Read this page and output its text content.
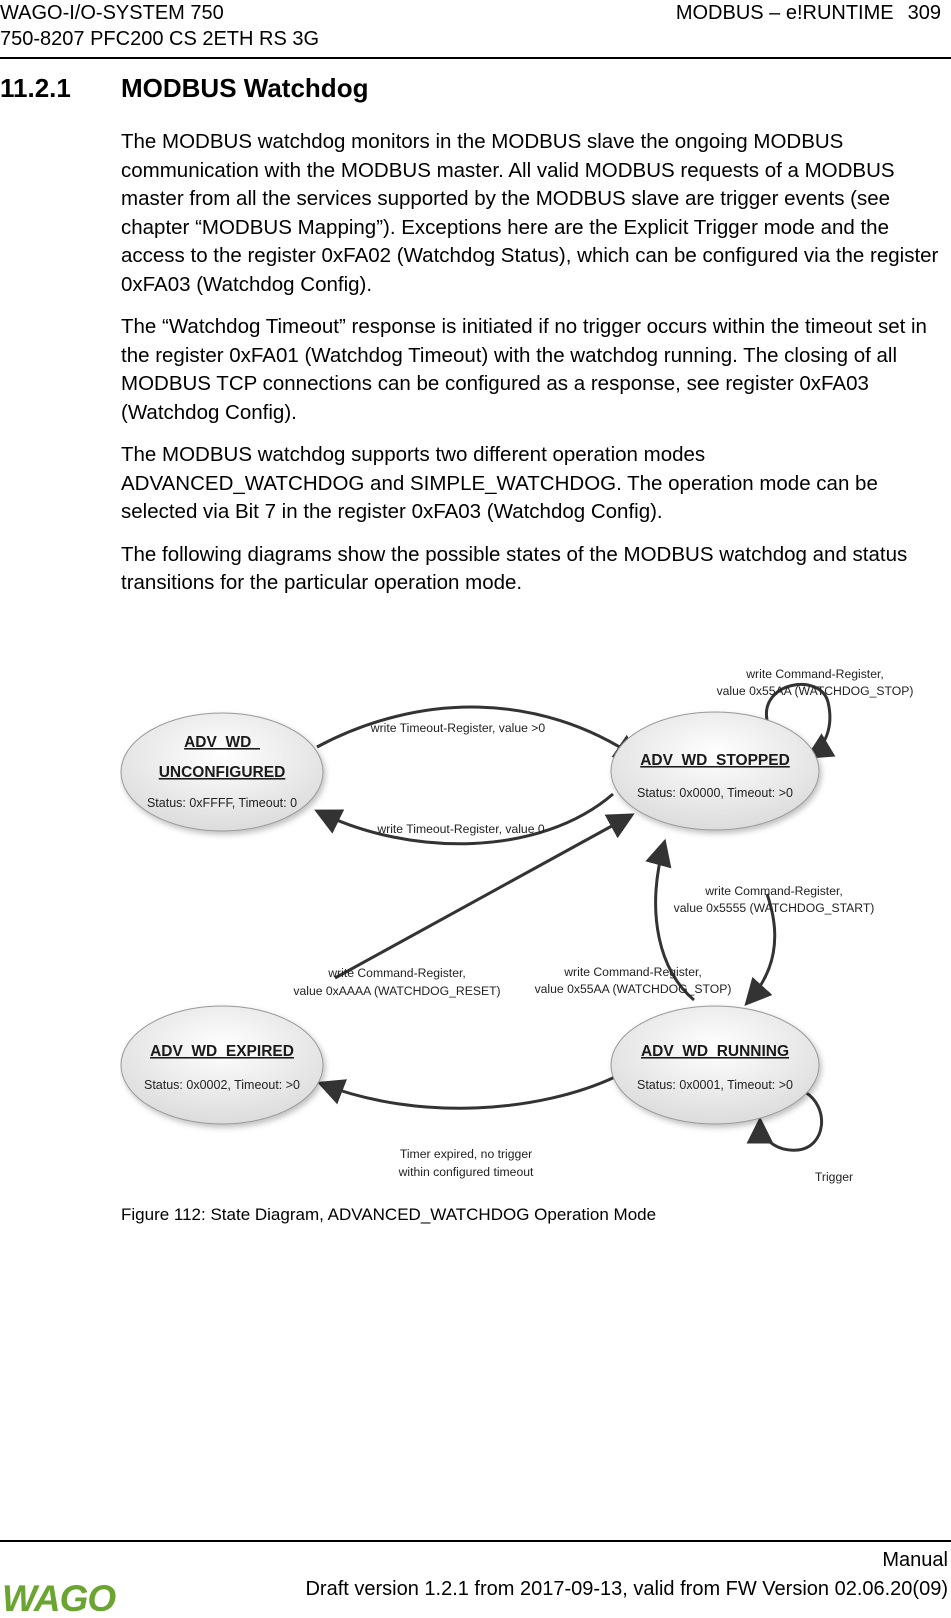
WAGO-I/O-SYSTEM 750
750-8207 PFC200 CS 2ETH RS 3G
MODBUS – e!RUNTIME 309
11.2.1 MODBUS Watchdog

The MODBUS watchdog monitors in the MODBUS slave the ongoing MODBUS communication with the MODBUS master. All valid MODBUS requests of a MODBUS master from all the services supported by the MODBUS slave are trigger events (see chapter “MODBUS Mapping”). Exceptions here are the Explicit Trigger mode and the access to the register 0xFA02 (Watchdog Status), which can be configured via the register 0xFA03 (Watchdog Config).

The “Watchdog Timeout” response is initiated if no trigger occurs within the timeout set in the register 0xFA01 (Watchdog Timeout) with the watchdog running. The closing of all MODBUS TCP connections can be configured as a response, see register 0xFA03 (Watchdog Config).

The MODBUS watchdog supports two different operation modes ADVANCED_WATCHDOG and SIMPLE_WATCHDOG. The operation mode can be selected via Bit 7 in the register 0xFA03 (Watchdog Config).

The following diagrams show the possible states of the MODBUS watchdog and status transitions for the particular operation mode.

ADV_WD_
UNCONFIGURED
Status: 0xFFFF, Timeout: 0
ADV_WD_STOPPED
Status: 0x0000, Timeout: >0
ADV_WD_EXPIRED
Status: 0x0002, Timeout: >0
ADV_WD_RUNNING
Status: 0x0001, Timeout: >0
write Timeout-Register, value >0
write Timeout-Register, value 0
write Command-Register,
value 0x55AA (WATCHDOG_STOP)
write Command-Register,
value 0x5555 (WATCHDOG_START)
write Command-Register,
value 0x55AA (WATCHDOG_STOP)
write Command-Register,
value 0xAAAA (WATCHDOG_RESET)
Timer expired, no trigger
within configured timeout	Trigger
Figure 112: State Diagram, ADVANCED_WATCHDOG Operation Mode
Manual
Draft version 1.2.1 from 2017-09-13, valid from FW Version 02.06.20(09)
WAGO
